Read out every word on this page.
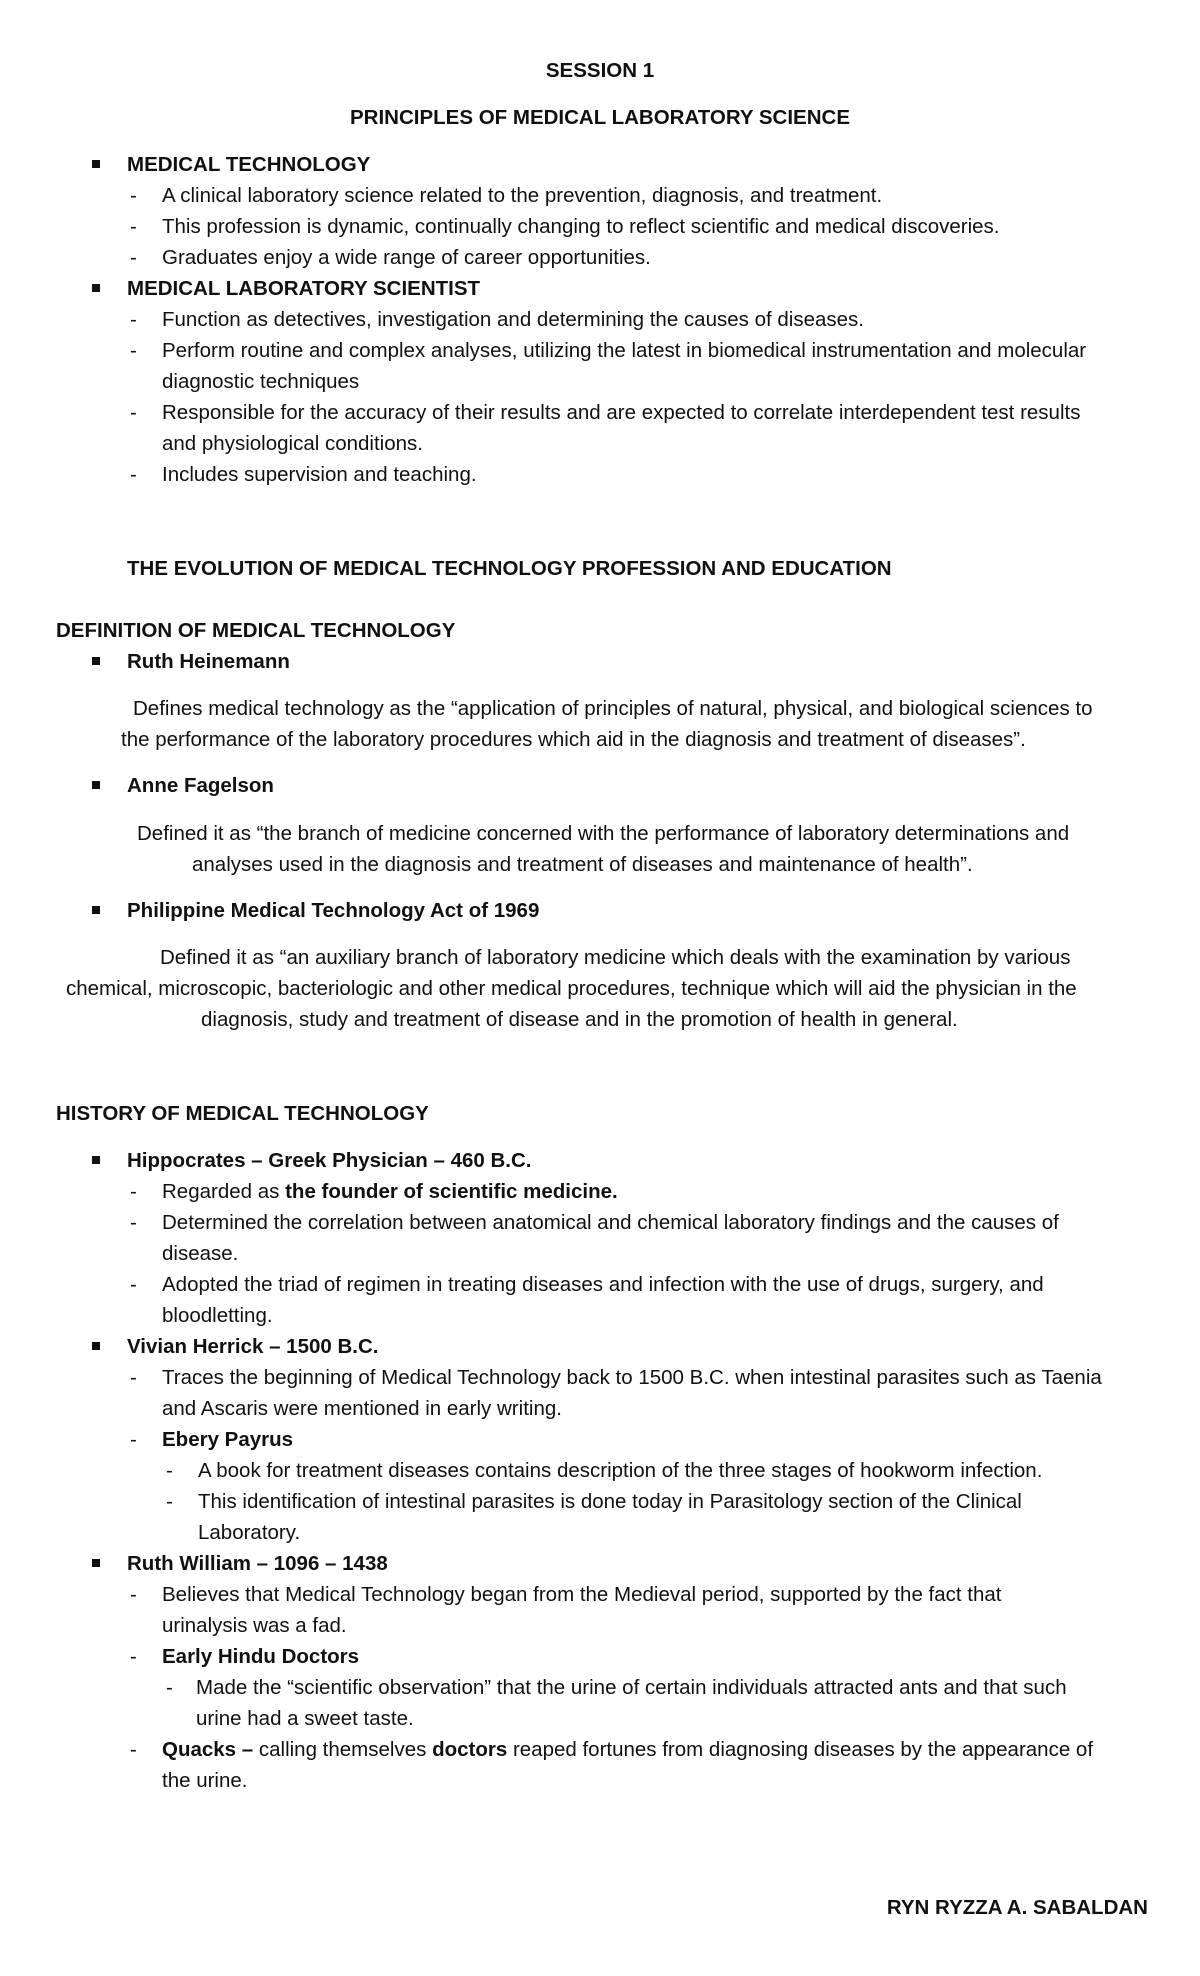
SESSION 1
PRINCIPLES OF MEDICAL LABORATORY SCIENCE
MEDICAL TECHNOLOGY
- A clinical laboratory science related to the prevention, diagnosis, and treatment.
- This profession is dynamic, continually changing to reflect scientific and medical discoveries.
- Graduates enjoy a wide range of career opportunities.
MEDICAL LABORATORY SCIENTIST
- Function as detectives, investigation and determining the causes of diseases.
- Perform routine and complex analyses, utilizing the latest in biomedical instrumentation and molecular
diagnostic techniques
- Responsible for the accuracy of their results and are expected to correlate interdependent test results
and physiological conditions.
- Includes supervision and teaching.
THE EVOLUTION OF MEDICAL TECHNOLOGY PROFESSION AND EDUCATION
DEFINITION OF MEDICAL TECHNOLOGY
Ruth Heinemann
Defines medical technology as the “application of principles of natural, physical, and biological sciences to
the performance of the laboratory procedures which aid in the diagnosis and treatment of diseases”.
Anne Fagelson
Defined it as “the branch of medicine concerned with the performance of laboratory determinations and
analyses used in the diagnosis and treatment of diseases and maintenance of health”.
Philippine Medical Technology Act of 1969
Defined it as “an auxiliary branch of laboratory medicine which deals with the examination by various
chemical, microscopic, bacteriologic and other medical procedures, technique which will aid the physician in the
diagnosis, study and treatment of disease and in the promotion of health in general.
HISTORY OF MEDICAL TECHNOLOGY
Hippocrates – Greek Physician – 460 B.C.
- Regarded as the founder of scientific medicine.
- Determined the correlation between anatomical and chemical laboratory findings and the causes of
disease.
- Adopted the triad of regimen in treating diseases and infection with the use of drugs, surgery, and
bloodletting.
Vivian Herrick – 1500 B.C.
- Traces the beginning of Medical Technology back to 1500 B.C. when intestinal parasites such as Taenia
and Ascaris were mentioned in early writing.
- Ebery Payrus
- A book for treatment diseases contains description of the three stages of hookworm infection.
- This identification of intestinal parasites is done today in Parasitology section of the Clinical
Laboratory.
Ruth William – 1096 – 1438
- Believes that Medical Technology began from the Medieval period, supported by the fact that
urinalysis was a fad.
- Early Hindu Doctors
- Made the “scientific observation” that the urine of certain individuals attracted ants and that such
urine had a sweet taste.
- Quacks – calling themselves doctors reaped fortunes from diagnosing diseases by the appearance of
the urine.
RYN RYZZA A. SABALDAN
